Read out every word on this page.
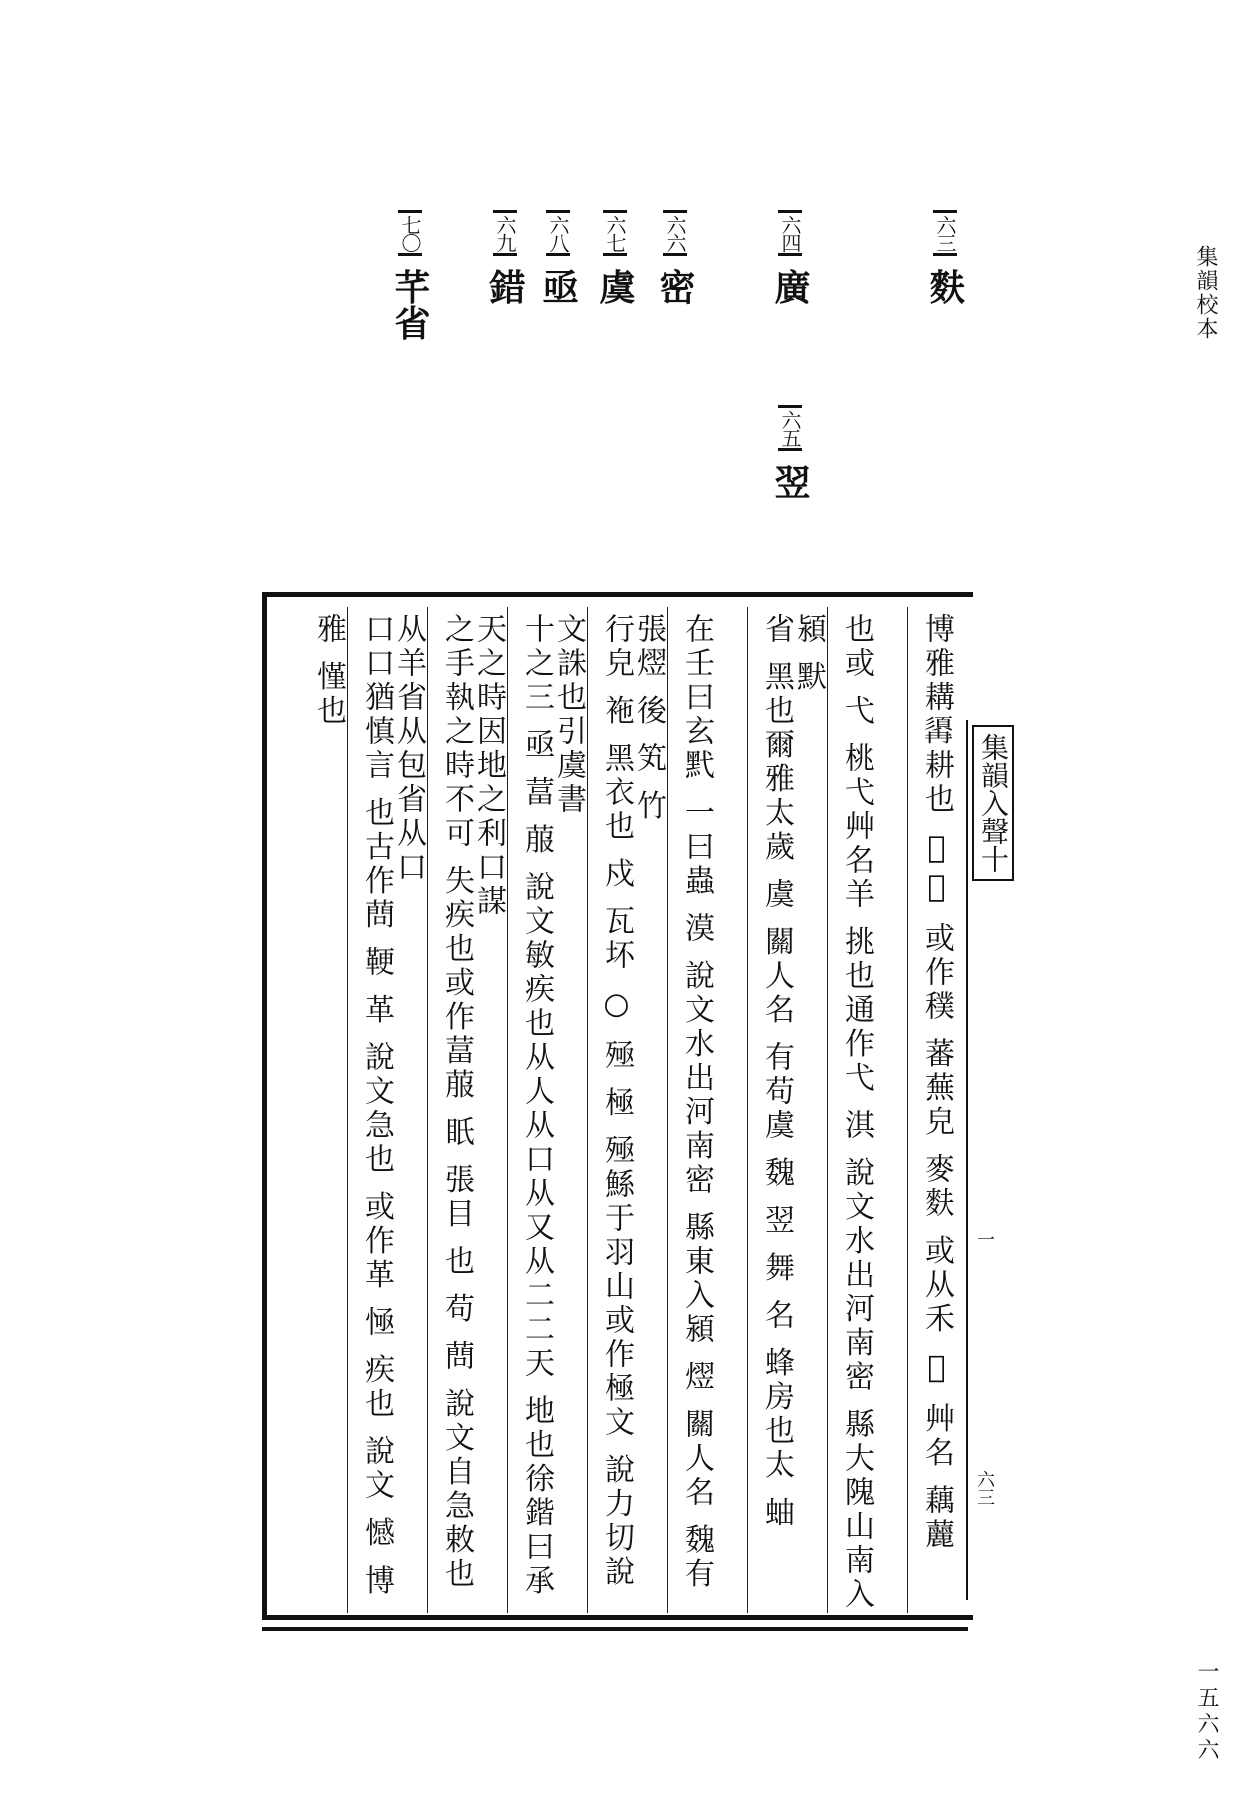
集韻校本
一五六六
六三 麩
六四 廣
六五 翌
六六 密
六七 虞
六八 亟
六九 錯
七〇 芊省
博雅耩𩓾耕也 𥟂穙 或作穙 蕃蕪皃 麥麩 或从禾 𦴝 艸名 藕䕻
也或 弋 桃弋艸名羊 挑也通作弋 淇 說文水出河南密 縣大隗山南入潁 默
省 黑也爾雅太歲 虞 關人名 有苟虞 魏 翌 舞 名 蜂房也太 蚰
在壬曰玄黓 一曰蟲 漠 說文水出河南密 縣東入潁 熤 關人名 魏有張熤 後 笂 竹
行皃 袘 黑衣也 戍 瓦坏 ○ 殛 極 殛鯀于羽山或作極文 說力切說文誅也引虞書
十之三 亟 葍 菔 說文敏疾也从人从口从又从二二天 地也徐鍇曰承天之時因地之利口謀
之手執之時不可 失疾也或作葍菔 眂 張目 也 苟 蔄 說文自急敕也 从羊省从包省从口
口口猶慎言 也古作蔄 鞕 革 說文急也 或作革 㥛 疾也 說文 憾 博雅 慬也
集韻入聲十
一
六三
